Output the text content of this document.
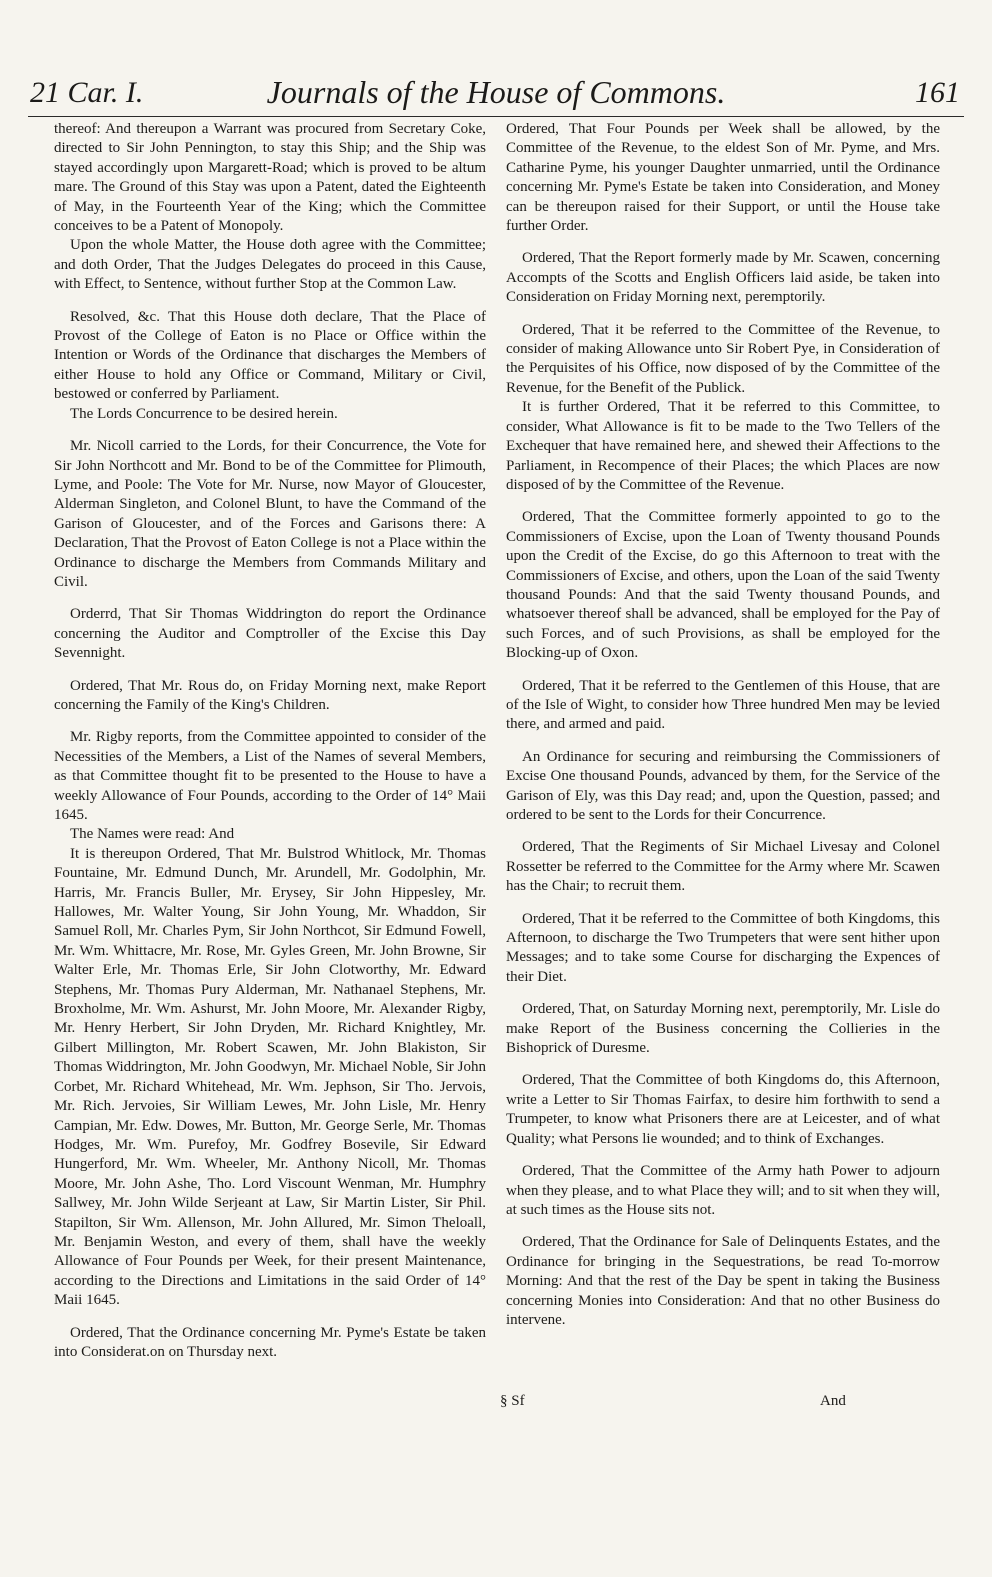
21 Car. I.	Journals of the House of Commons.	161

thereof: And thereupon a Warrant was procured from Secretary Coke, directed to Sir John Pennington, to stay this Ship; and the Ship was stayed accordingly upon Margarett-Road; which is proved to be altum mare. The Ground of this Stay was upon a Patent, dated the Eighteenth of May, in the Fourteenth Year of the King; which the Committee conceives to be a Patent of Monopoly.

Upon the whole Matter, the House doth agree with the Committee; and doth Order, That the Judges Delegates do proceed in this Cause, with Effect, to Sentence, without further Stop at the Common Law.

Resolved, &c. That this House doth declare, That the Place of Provost of the College of Eaton is no Place or Office within the Intention or Words of the Ordinance that discharges the Members of either House to hold any Office or Command, Military or Civil, bestowed or conferred by Parliament.

The Lords Concurrence to be desired herein.

Mr. Nicoll carried to the Lords, for their Concurrence, the Vote for Sir John Northcott and Mr. Bond to be of the Committee for Plimouth, Lyme, and Poole: The Vote for Mr. Nurse, now Mayor of Gloucester, Alderman Singleton, and Colonel Blunt, to have the Command of the Garison of Gloucester, and of the Forces and Garisons there: A Declaration, That the Provost of Eaton College is not a Place within the Ordinance to discharge the Members from Commands Military and Civil.

Orderrd, That Sir Thomas Widdrington do report the Ordinance concerning the Auditor and Comptroller of the Excise this Day Sevennight.

Ordered, That Mr. Rous do, on Friday Morning next, make Report concerning the Family of the King's Children.

Mr. Rigby reports, from the Committee appointed to consider of the Necessities of the Members, a List of the Names of several Members, as that Committee thought fit to be presented to the House to have a weekly Allowance of Four Pounds, according to the Order of 14° Maii 1645.

The Names were read: And

It is thereupon Ordered, That Mr. Bulstrod Whitlock, Mr. Thomas Fountaine, Mr. Edmund Dunch, Mr. Arundell, Mr. Godolphin, Mr. Harris, Mr. Francis Buller, Mr. Erysey, Sir John Hippesley, Mr. Hallowes, Mr. Walter Young, Sir John Young, Mr. Whaddon, Sir Samuel Roll, Mr. Charles Pym, Sir John Northcot, Sir Edmund Fowell, Mr. Wm. Whittacre, Mr. Rose, Mr. Gyles Green, Mr. John Browne, Sir Walter Erle, Mr. Thomas Erle, Sir John Clotworthy, Mr. Edward Stephens, Mr. Thomas Pury Alderman, Mr. Nathanael Stephens, Mr. Broxholme, Mr. Wm. Ashurst, Mr. John Moore, Mr. Alexander Rigby, Mr. Henry Herbert, Sir John Dryden, Mr. Richard Knightley, Mr. Gilbert Millington, Mr. Robert Scawen, Mr. John Blakiston, Sir Thomas Widdrington, Mr. John Goodwyn, Mr. Michael Noble, Sir John Corbet, Mr. Richard Whitehead, Mr. Wm. Jephson, Sir Tho. Jervois, Mr. Rich. Jervoies, Sir William Lewes, Mr. John Lisle, Mr. Henry Campian, Mr. Edw. Dowes, Mr. Button, Mr. George Serle, Mr. Thomas Hodges, Mr. Wm. Purefoy, Mr. Godfrey Bosevile, Sir Edward Hungerford, Mr. Wm. Wheeler, Mr. Anthony Nicoll, Mr. Thomas Moore, Mr. John Ashe, Tho. Lord Viscount Wenman, Mr. Humphry Sallwey, Mr. John Wilde Serjeant at Law, Sir Martin Lister, Sir Phil. Stapilton, Sir Wm. Allenson, Mr. John Allured, Mr. Simon Theloall, Mr. Benjamin Weston, and every of them, shall have the weekly Allowance of Four Pounds per Week, for their present Maintenance, according to the Directions and Limitations in the said Order of 14° Maii 1645.

Ordered, That the Ordinance concerning Mr. Pyme's Estate be taken into Considerat.on on Thursday next.

Ordered, That Four Pounds per Week shall be allowed, by the Committee of the Revenue, to the eldest Son of Mr. Pyme, and Mrs. Catharine Pyme, his younger Daughter unmarried, until the Ordinance concerning Mr. Pyme's Estate be taken into Consideration, and Money can be thereupon raised for their Support, or until the House take further Order.

Ordered, That the Report formerly made by Mr. Scawen, concerning Accompts of the Scotts and English Officers laid aside, be taken into Consideration on Friday Morning next, peremptorily.

Ordered, That it be referred to the Committee of the Revenue, to consider of making Allowance unto Sir Robert Pye, in Consideration of the Perquisites of his Office, now disposed of by the Committee of the Revenue, for the Benefit of the Publick.

It is further Ordered, That it be referred to this Committee, to consider, What Allowance is fit to be made to the Two Tellers of the Exchequer that have remained here, and shewed their Affections to the Parliament, in Recompence of their Places; the which Places are now disposed of by the Committee of the Revenue.

Ordered, That the Committee formerly appointed to go to the Commissioners of Excise, upon the Loan of Twenty thousand Pounds upon the Credit of the Excise, do go this Afternoon to treat with the Commissioners of Excise, and others, upon the Loan of the said Twenty thousand Pounds: And that the said Twenty thousand Pounds, and whatsoever thereof shall be advanced, shall be employed for the Pay of such Forces, and of such Provisions, as shall be employed for the Blocking-up of Oxon.

Ordered, That it be referred to the Gentlemen of this House, that are of the Isle of Wight, to consider how Three hundred Men may be levied there, and armed and paid.

An Ordinance for securing and reimbursing the Commissioners of Excise One thousand Pounds, advanced by them, for the Service of the Garison of Ely, was this Day read; and, upon the Question, passed; and ordered to be sent to the Lords for their Concurrence.

Ordered, That the Regiments of Sir Michael Livesay and Colonel Rossetter be referred to the Committee for the Army where Mr. Scawen has the Chair; to recruit them.

Ordered, That it be referred to the Committee of both Kingdoms, this Afternoon, to discharge the Two Trumpeters that were sent hither upon Messages; and to take some Course for discharging the Expences of their Diet.

Ordered, That, on Saturday Morning next, peremptorily, Mr. Lisle do make Report of the Business concerning the Collieries in the Bishoprick of Duresme.

Ordered, That the Committee of both Kingdoms do, this Afternoon, write a Letter to Sir Thomas Fairfax, to desire him forthwith to send a Trumpeter, to know what Prisoners there are at Leicester, and of what Quality; what Persons lie wounded; and to think of Exchanges.

Ordered, That the Committee of the Army hath Power to adjourn when they please, and to what Place they will; and to sit when they will, at such times as the House sits not.

Ordered, That the Ordinance for Sale of Delinquents Estates, and the Ordinance for bringing in the Sequestrations, be read To-morrow Morning: And that the rest of the Day be spent in taking the Business concerning Monies into Consideration: And that no other Business do intervene.

§ Sf	And
